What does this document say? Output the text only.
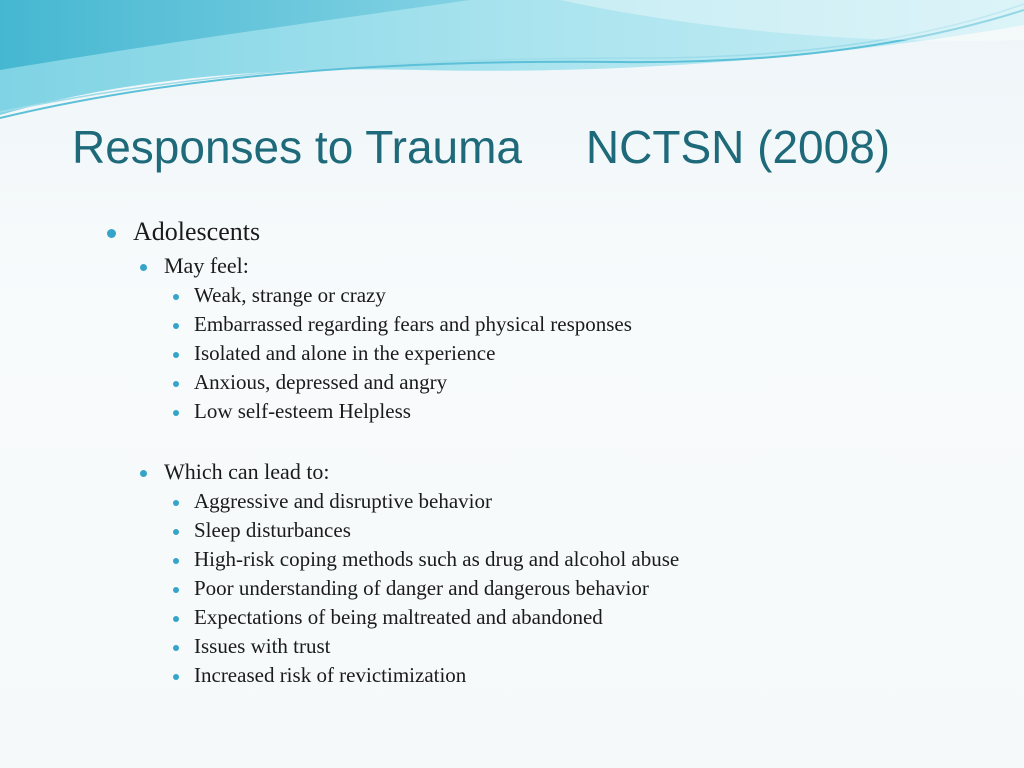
Responses to Trauma     NCTSN (2008)
Adolescents
May feel:
Weak, strange or crazy
Embarrassed regarding fears and physical responses
Isolated and alone in the experience
Anxious, depressed and angry
Low self-esteem Helpless
Which can lead to:
Aggressive and disruptive behavior
Sleep disturbances
High-risk coping methods such as drug and alcohol abuse
Poor understanding of danger and dangerous behavior
Expectations of being maltreated and abandoned
Issues with trust
Increased risk of revictimization
